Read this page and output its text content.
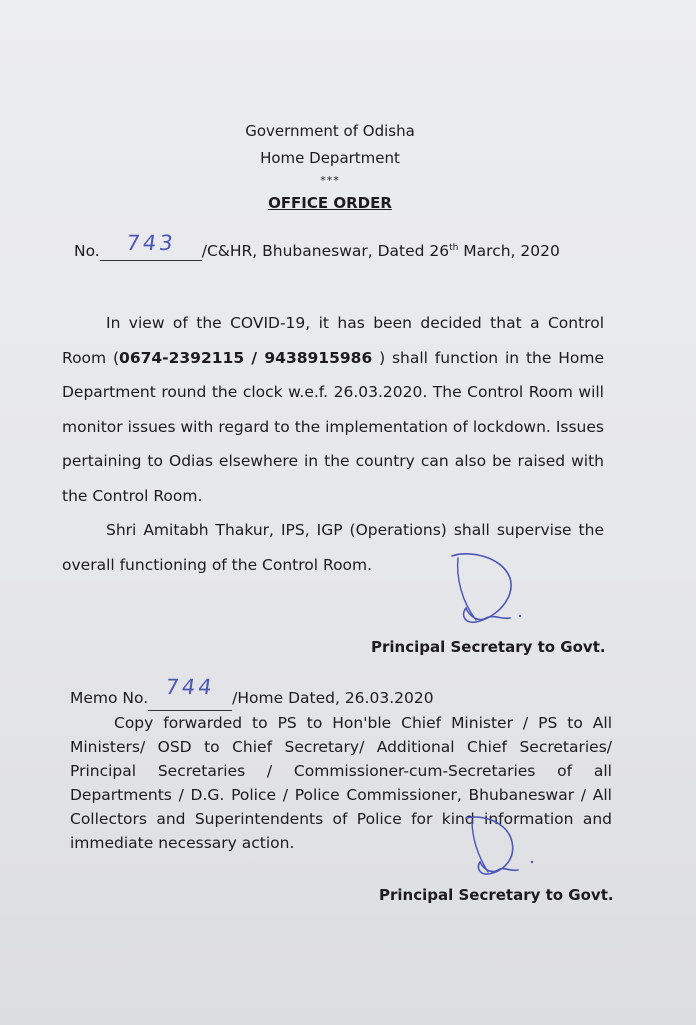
Government of Odisha
Home Department
***
OFFICE ORDER
No.	743	/C&HR, Bhubaneswar, Dated 26th March, 2020

In view of the COVID-19, it has been decided that a Control Room (0674-2392115 / 9438915986 ) shall function in the Home Department round the clock w.e.f. 26.03.2020. The Control Room will monitor issues with regard to the implementation of lockdown. Issues pertaining to Odias elsewhere in the country can also be raised with the Control Room.

Shri Amitabh Thakur, IPS, IGP (Operations) shall supervise the overall functioning of the Control Room.

Principal Secretary to Govt.
Memo No. 744	/Home Dated, 26.03.2020

Copy forwarded to PS to Hon'ble Chief Minister / PS to All Ministers/ OSD to Chief Secretary/ Additional Chief Secretaries/ Principal Secretaries / Commissioner-cum-Secretaries of all Departments / D.G. Police / Police Commissioner, Bhubaneswar / All Collectors and Superintendents of Police for kind information and immediate necessary action.

Principal Secretary to Govt.
